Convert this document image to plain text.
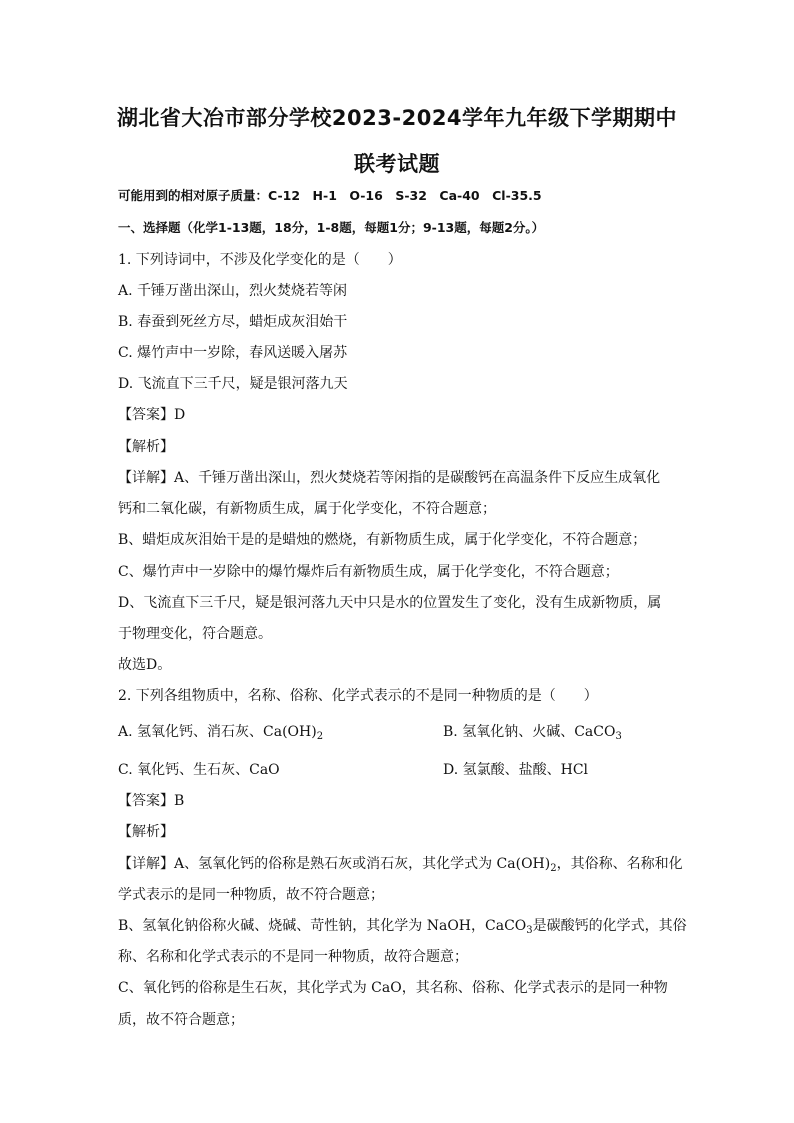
湖北省大冶市部分学校2023-2024学年九年级下学期期中
联考试题
可能用到的相对原子质量：C-12　H-1　O-16　S-32　Ca-40　Cl-35.5
一、选择题（化学1-13题，18分，1-8题，每题1分；9-13题，每题2分。）
1. 下列诗词中，不涉及化学变化的是（　　）
A. 千锤万凿出深山，烈火焚烧若等闲
B. 春蚕到死丝方尽，蜡炬成灰泪始干
C. 爆竹声中一岁除，春风送暖入屠苏
D. 飞流直下三千尺，疑是银河落九天
【答案】D
【解析】
【详解】A、千锤万凿出深山，烈火焚烧若等闲指的是碳酸钙在高温条件下反应生成氧化
钙和二氧化碳，有新物质生成，属于化学变化，不符合题意；
B、蜡炬成灰泪始干是的是蜡烛的燃烧，有新物质生成，属于化学变化，不符合题意；
C、爆竹声中一岁除中的爆竹爆炸后有新物质生成，属于化学变化，不符合题意；
D、飞流直下三千尺，疑是银河落九天中只是水的位置发生了变化，没有生成新物质，属
于物理变化，符合题意。
故选D。
2. 下列各组物质中，名称、俗称、化学式表示的不是同一种物质的是（　　）
A. 氢氧化钙、消石灰、$Ca(OH)_2$	B. 氢氧化钠、火碱、CaCO$_3$
C. 氧化钙、生石灰、CaO	D. 氢氯酸、盐酸、HCl
【答案】B
【解析】
【详解】A、氢氧化钙的俗称是熟石灰或消石灰，其化学式为 $Ca(OH)_2$，其俗称、名称和化
学式表示的是同一种物质，故不符合题意；
B、氢氧化钠俗称火碱、烧碱、苛性钠，其化学为 NaOH，CaCO$_3$是碳酸钙的化学式，其俗
称、名称和化学式表示的不是同一种物质，故符合题意；
C、氧化钙的俗称是生石灰，其化学式为 CaO，其名称、俗称、化学式表示的是同一种物
质，故不符合题意；
